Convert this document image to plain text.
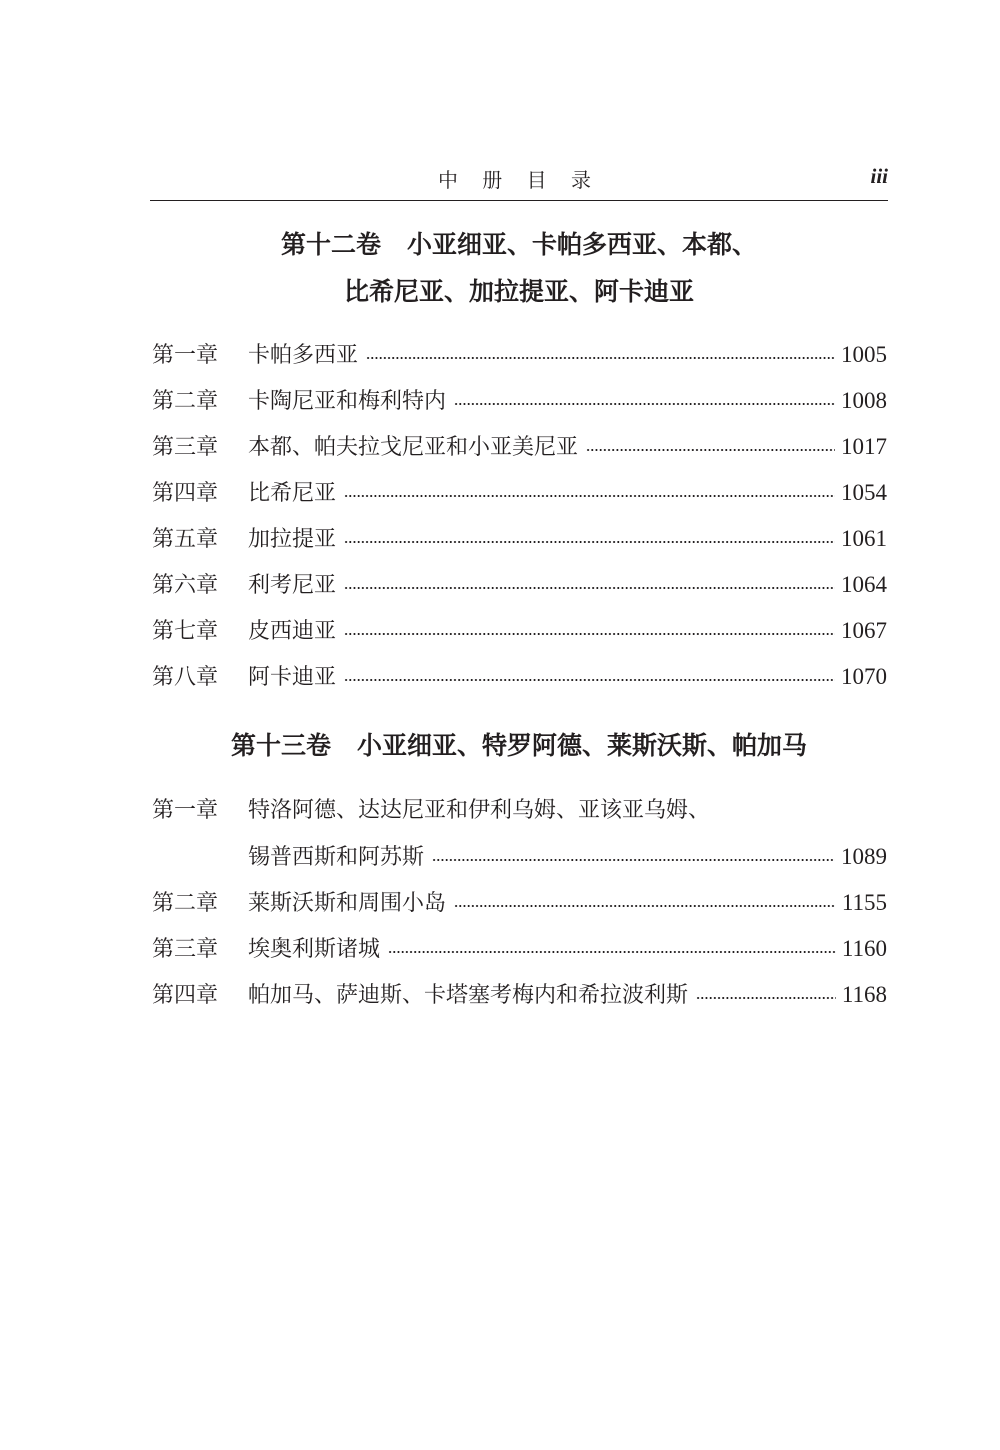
中 册 目 录	iii
第十二卷 小亚细亚、卡帕多西亚、本都、
比希尼亚、加拉提亚、阿卡迪亚
第一章	卡帕多西亚	1005
第二章	卡陶尼亚和梅利特内	1008
第三章	本都、帕夫拉戈尼亚和小亚美尼亚	1017
第四章	比希尼亚	1054
第五章	加拉提亚	1061
第六章	利考尼亚	1064
第七章	皮西迪亚	1067
第八章	阿卡迪亚	1070
第十三卷 小亚细亚、特罗阿德、莱斯沃斯、帕加马
第一章	特洛阿德、达达尼亚和伊利乌姆、亚该亚乌姆、
锡普西斯和阿苏斯	1089
第二章	莱斯沃斯和周围小岛	1155
第三章	埃奥利斯诸城	1160
第四章	帕加马、萨迪斯、卡塔塞考梅内和希拉波利斯	1168
